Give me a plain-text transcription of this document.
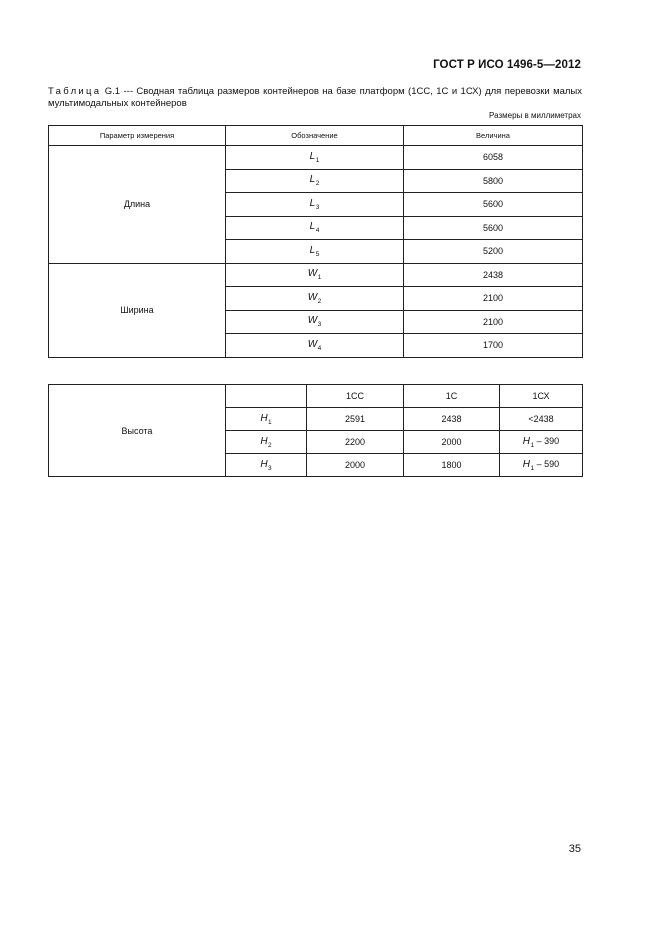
ГОСТ Р ИСО 1496-5—2012
Таблица G.1 --- Сводная таблица размеров контейнеров на базе платформ (1СС, 1С и 1СХ) для перевозки малых мультимодальных контейнеров
Размеры в миллиметрах
Параметр измерения	Обозначение	Величина
Длина	$L_1$	6058
	$L_2$	5800
	$L_3$	5600
	$L_4$	5600
	$L_5$	5200
Ширина	$W_1$	2438
	$W_2$	2100
	$W_3$	2100
	$W_4$	1700
Высота		1СС	1С	1СХ
	$H_1$	2591	2438	<2438
	$H_2$	2200	2000	$H_1 - 390$
	$H_3$	2000	1800	$H_1 - 590$
35
